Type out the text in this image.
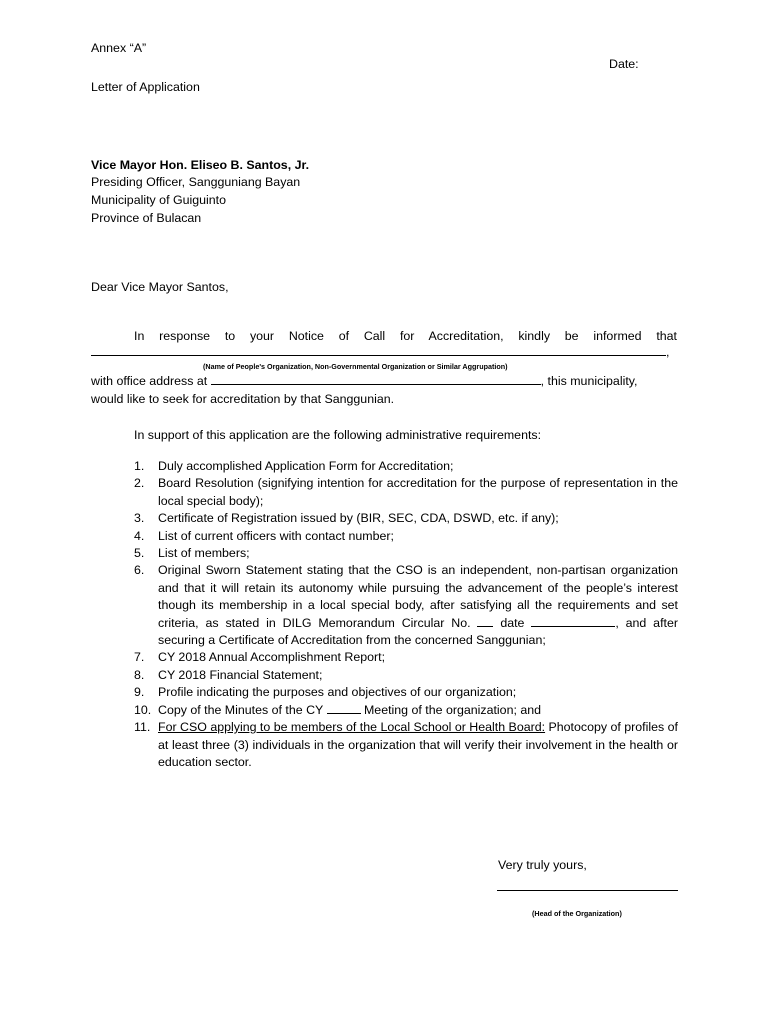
Annex “A”
Date:
Letter of Application
Vice Mayor Hon. Eliseo B. Santos, Jr.
Presiding Officer, Sangguniang Bayan
Municipality of Guiguinto
Province of Bulacan
Dear Vice Mayor Santos,
In response to your Notice of Call for Accreditation, kindly be informed that
,
(Name of People's Organization, Non-Governmental Organization or Similar Aggrupation)
with office address at	, this municipality,
would like to seek for accreditation by that Sanggunian.
In support of this application are the following administrative requirements:
1. Duly accomplished Application Form for Accreditation;
2. Board Resolution (signifying intention for accreditation for the purpose of representation in the local special body);
3. Certificate of Registration issued by (BIR, SEC, CDA, DSWD, etc. if any);
4. List of current officers with contact number;
5. List of members;
6. Original Sworn Statement stating that the CSO is an independent, non-partisan organization and that it will retain its autonomy while pursuing the advancement of the people’s interest though its membership in a local special body, after satisfying all the requirements and set criteria, as stated in DILG Memorandum Circular No. date	, and after securing a Certificate of Accreditation from the concerned Sanggunian;
7. CY 2018 Annual Accomplishment Report;
8. CY 2018 Financial Statement;
9. Profile indicating the purposes and objectives of our organization;
10. Copy of the Minutes of the CY	Meeting of the organization; and
11. For CSO applying to be members of the Local School or Health Board: Photocopy of profiles of at least three (3) individuals in the organization that will verify their involvement in the health or education sector.
Very truly yours,
(Head of the Organization)
